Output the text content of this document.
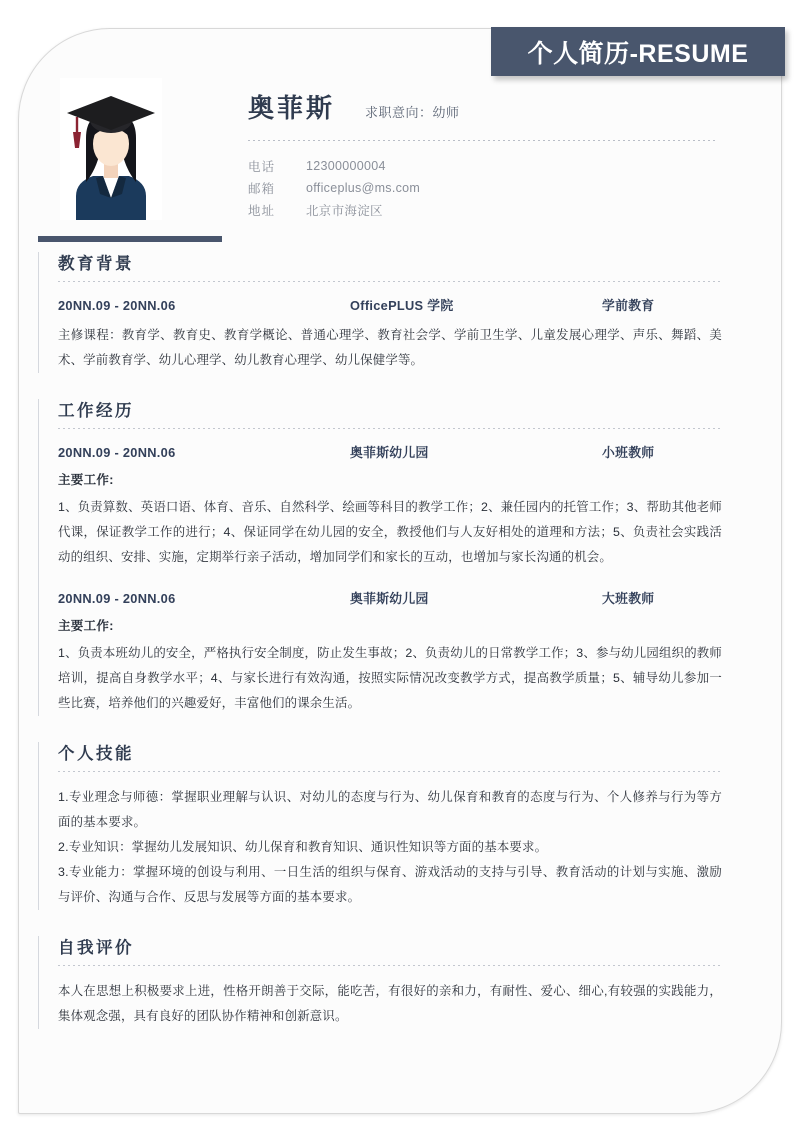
个人简历-RESUME
奥菲斯 求职意向：幼师
电话	12300000004
邮箱	officeplus@ms.com
地址	北京市海淀区
教育背景
20NN.09 - 20NN.06	OfficePLUS 学院	学前教育
主修课程：教育学、教育史、教育学概论、普通心理学、教育社会学、学前卫生学、儿童发展心理学、声乐、舞蹈、美术、学前教育学、幼儿心理学、幼儿教育心理学、幼儿保健学等。
工作经历
20NN.09 - 20NN.06	奥菲斯幼儿园	小班教师
主要工作:
1、负责算数、英语口语、体育、音乐、自然科学、绘画等科目的教学工作；2、兼任园内的托管工作；3、帮助其他老师代课，保证教学工作的进行；4、保证同学在幼儿园的安全，教授他们与人友好相处的道理和方法；5、负责社会实践活动的组织、安排、实施，定期举行亲子活动，增加同学们和家长的互动，也增加与家长沟通的机会。
20NN.09 - 20NN.06	奥菲斯幼儿园	大班教师
主要工作:
1、负责本班幼儿的安全，严格执行安全制度，防止发生事故；2、负责幼儿的日常教学工作；3、参与幼儿园组织的教师培训，提高自身教学水平；4、与家长进行有效沟通，按照实际情况改变教学方式，提高教学质量；5、辅导幼儿参加一些比赛，培养他们的兴趣爱好，丰富他们的课余生活。
个人技能
1.专业理念与师德：掌握职业理解与认识、对幼儿的态度与行为、幼儿保育和教育的态度与行为、个人修养与行为等方面的基本要求。
2.专业知识：掌握幼儿发展知识、幼儿保育和教育知识、通识性知识等方面的基本要求。
3.专业能力：掌握环境的创设与利用、一日生活的组织与保育、游戏活动的支持与引导、教育活动的计划与实施、激励与评价、沟通与合作、反思与发展等方面的基本要求。
自我评价
本人在思想上积极要求上进，性格开朗善于交际，能吃苦，有很好的亲和力，有耐性、爱心、细心,有较强的实践能力，集体观念强，具有良好的团队协作精神和创新意识。
